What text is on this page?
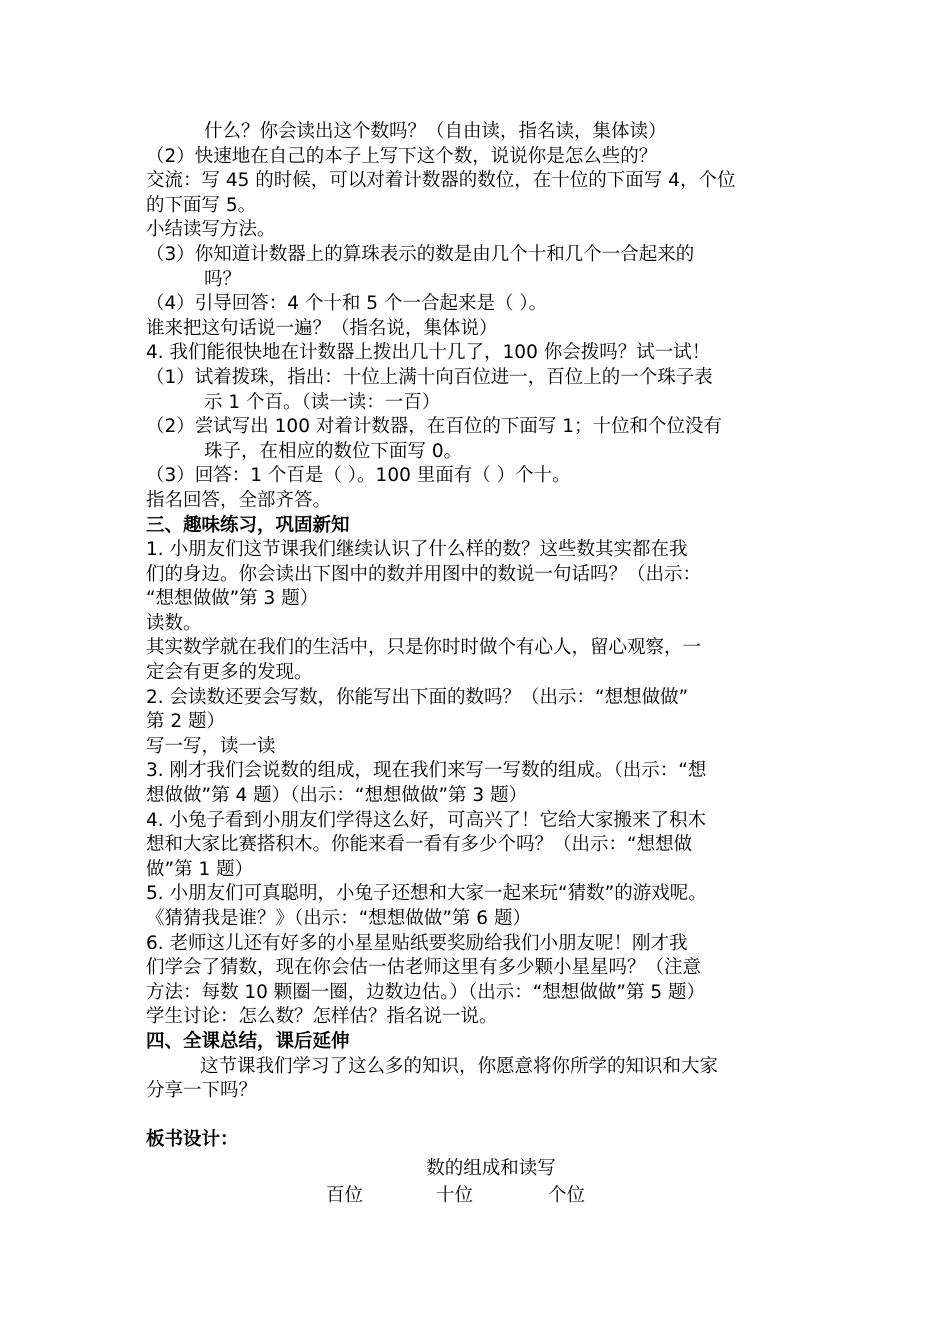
什么？你会读出这个数吗？（自由读，指名读，集体读）

（2）快速地在自己的本子上写下这个数，说说你是怎么些的？

交流：写 45 的时候，可以对着计数器的数位，在十位的下面写 4，个位

的下面写 5。

小结读写方法。

（3）你知道计数器上的算珠表示的数是由几个十和几个一合起来的

吗？

（4）引导回答：4 个十和 5 个一合起来是（ ）。

谁来把这句话说一遍？（指名说，集体说）

4. 我们能很快地在计数器上拨出几十几了，100 你会拨吗？试一试！

（1）试着拨珠，指出：十位上满十向百位进一，百位上的一个珠子表

示 1 个百。（读一读：一百）

（2）尝试写出 100 对着计数器，在百位的下面写 1；十位和个位没有

珠子，在相应的数位下面写 0。

（3）回答：1 个百是（ ）。100 里面有（ ）个十。

指名回答，全部齐答。

三、趣味练习，巩固新知

1. 小朋友们这节课我们继续认识了什么样的数？这些数其实都在我

们的身边。你会读出下图中的数并用图中的数说一句话吗？（出示：

“想想做做”第 3 题）

读数。

其实数学就在我们的生活中，只是你时时做个有心人，留心观察，一

定会有更多的发现。

2. 会读数还要会写数，你能写出下面的数吗？（出示：“想想做做”

第 2 题）

写一写，读一读

3. 刚才我们会说数的组成，现在我们来写一写数的组成。（出示：“想

想做做”第 4 题）（出示：“想想做做”第 3 题）

4. 小兔子看到小朋友们学得这么好，可高兴了！它给大家搬来了积木

想和大家比赛搭积木。你能来看一看有多少个吗？（出示：“想想做

做”第 1 题）

5. 小朋友们可真聪明，小兔子还想和大家一起来玩“猜数”的游戏呢。

《猜猜我是谁？》（出示：“想想做做”第 6 题）

6. 老师这儿还有好多的小星星贴纸要奖励给我们小朋友呢！刚才我

们学会了猜数，现在你会估一估老师这里有多少颗小星星吗？（注意

方法：每数 10 颗圈一圈，边数边估。）（出示：“想想做做”第 5 题）

学生讨论：怎么数？怎样估？指名说一说。

四、全课总结，课后延伸

这节课我们学习了这么多的知识，你愿意将你所学的知识和大家

分享一下吗？

板书设计：

数的组成和读写

百位	十位	个位
